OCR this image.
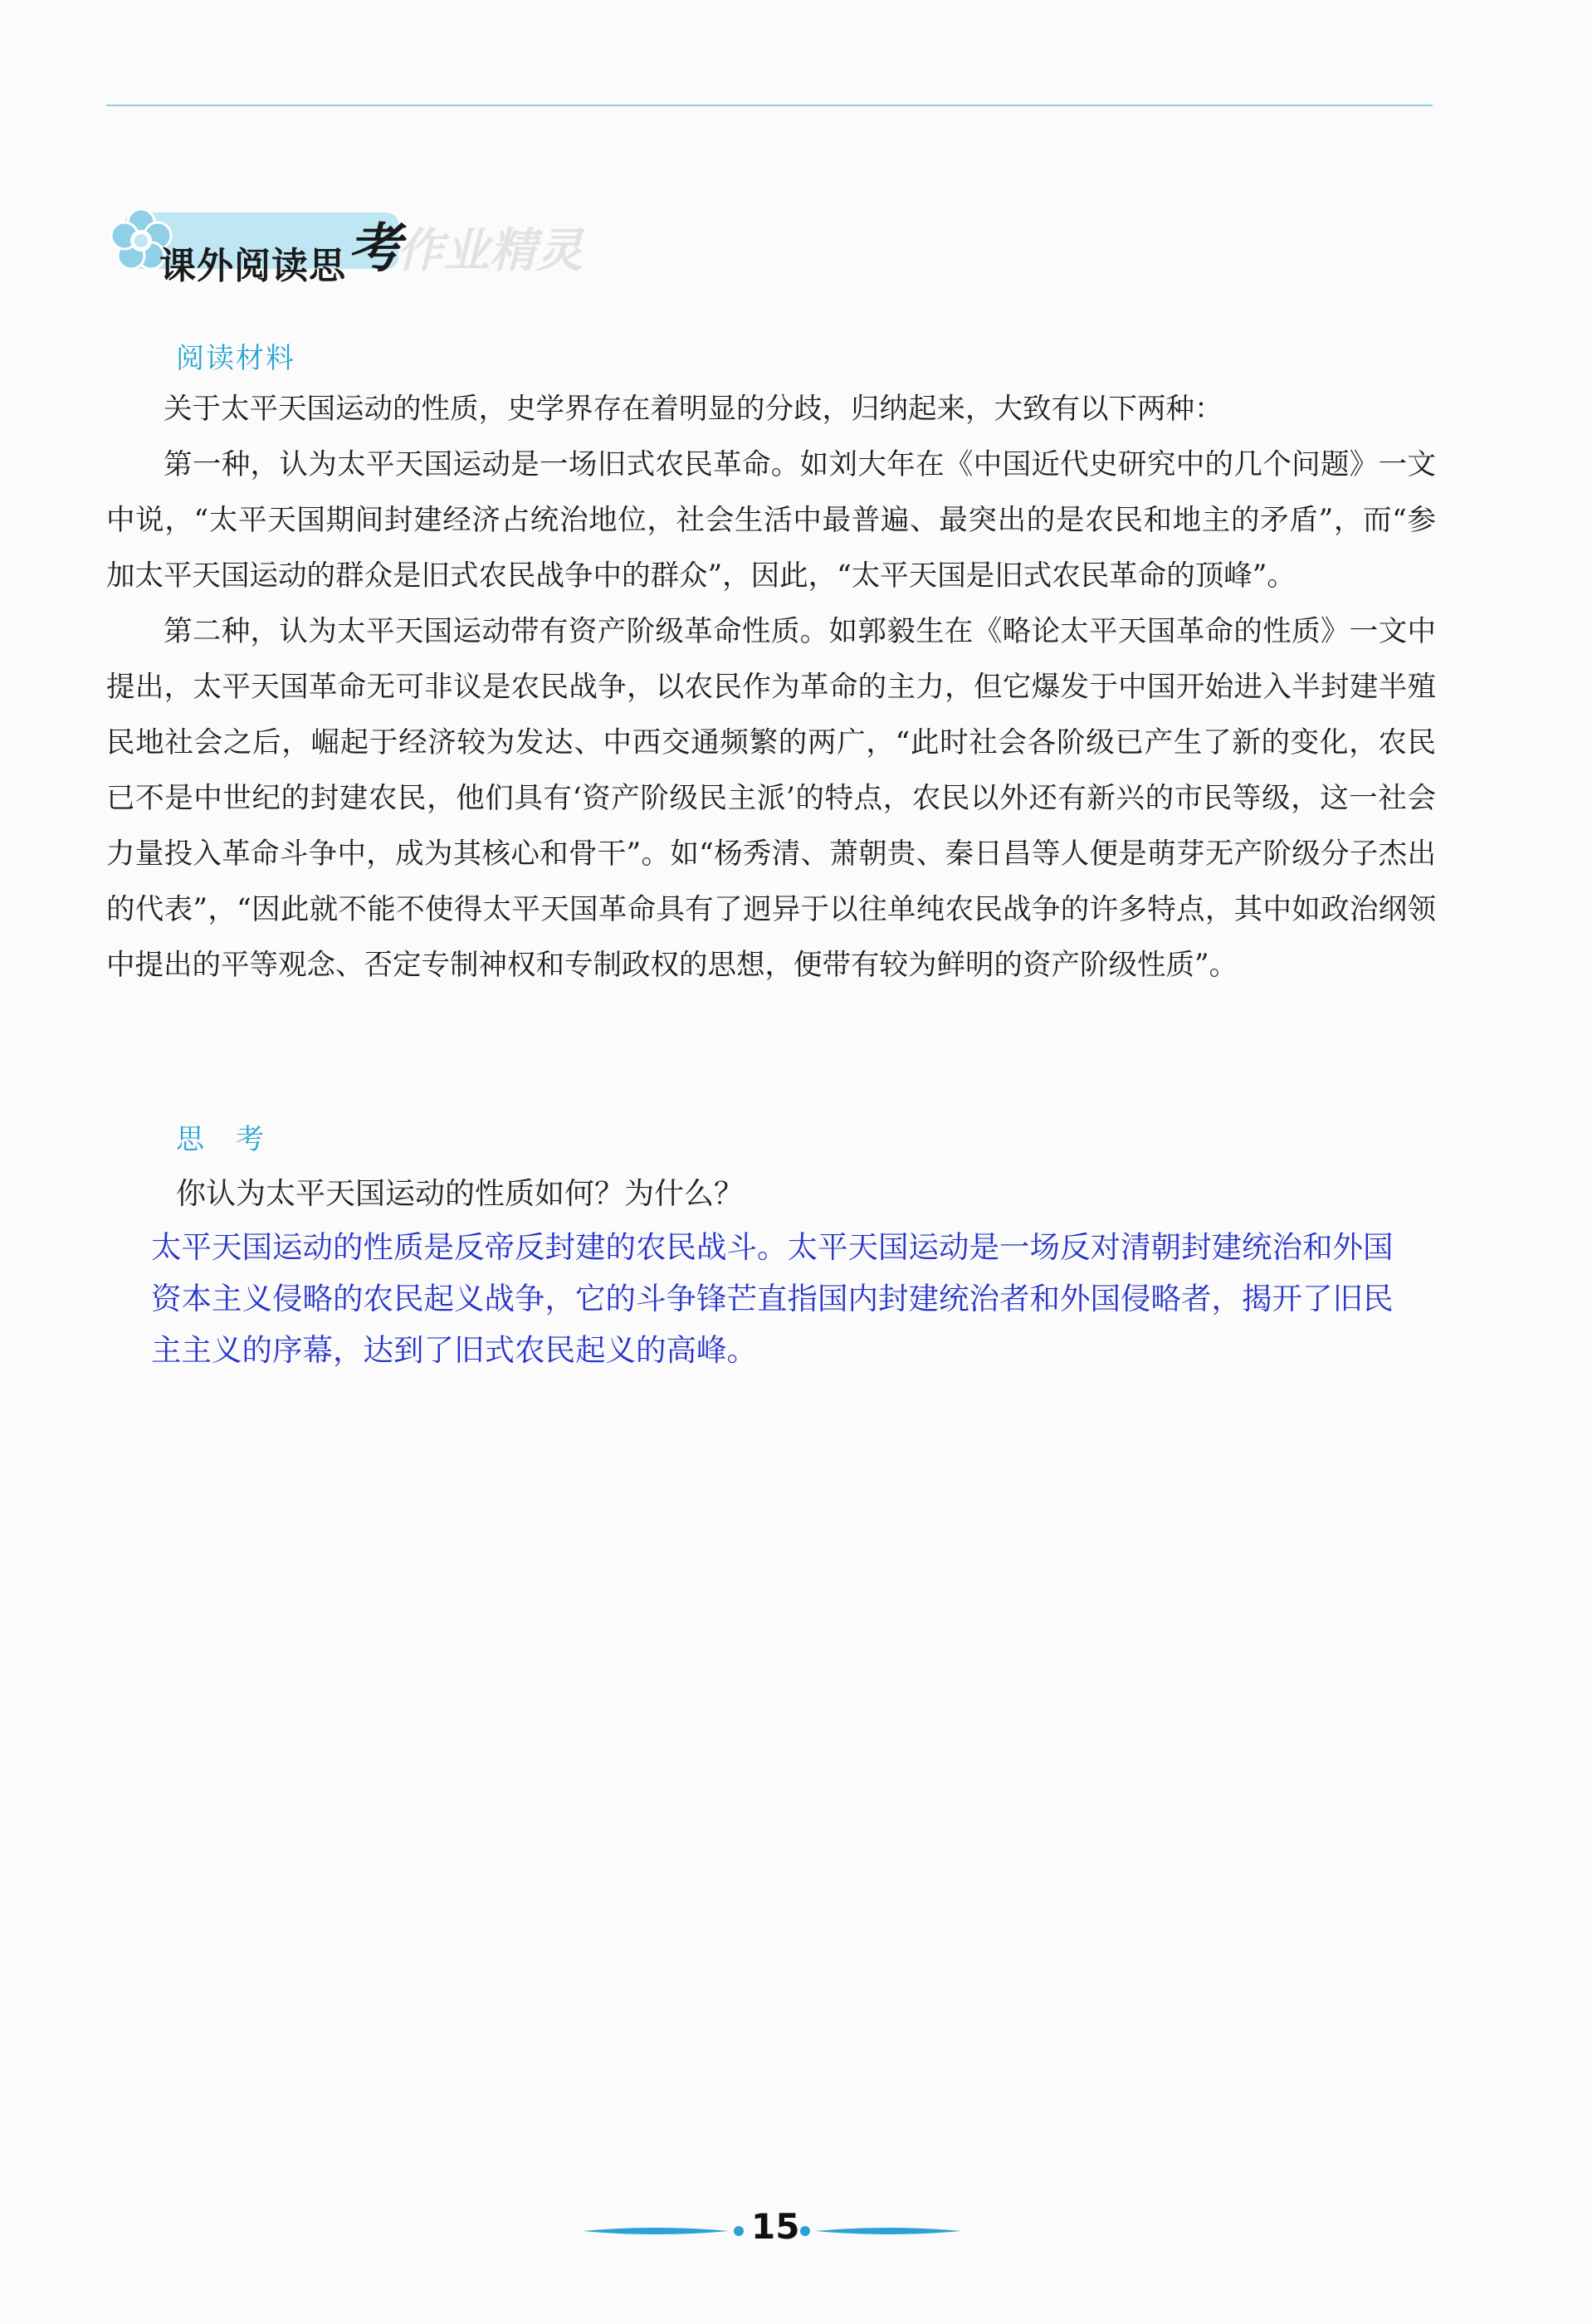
课外阅读思考
作业精灵
阅读材料

关于太平天国运动的性质，史学界存在着明显的分歧，归纳起来，大致有以下两种：

第一种，认为太平天国运动是一场旧式农民革命。如刘大年在《中国近代史研究中的几个问题》一文中说，“太平天国期间封建经济占统治地位，社会生活中最普遍、最突出的是农民和地主的矛盾”，而“参加太平天国运动的群众是旧式农民战争中的群众”，因此，“太平天国是旧式农民革命的顶峰”。

第二种，认为太平天国运动带有资产阶级革命性质。如郭毅生在《略论太平天国革命的性质》一文中提出，太平天国革命无可非议是农民战争，以农民作为革命的主力，但它爆发于中国开始进入半封建半殖民地社会之后，崛起于经济较为发达、中西交通频繁的两广，“此时社会各阶级已产生了新的变化，农民已不是中世纪的封建农民，他们具有‘资产阶级民主派’的特点，农民以外还有新兴的市民等级，这一社会力量投入革命斗争中，成为其核心和骨干”。如“杨秀清、萧朝贵、秦日昌等人便是萌芽无产阶级分子杰出的代表”，“因此就不能不使得太平天国革命具有了迥异于以往单纯农民战争的许多特点，其中如政治纲领中提出的平等观念、否定专制神权和专制政权的思想，便带有较为鲜明的资产阶级性质”。

思　考
你认为太平天国运动的性质如何？为什么？
太平天国运动的性质是反帝反封建的农民战斗。太平天国运动是一场反对清朝封建统治和外国资本主义侵略的农民起义战争，它的斗争锋芒直指国内封建统治者和外国侵略者，揭开了旧民主主义的序幕，达到了旧式农民起义的高峰。
15
